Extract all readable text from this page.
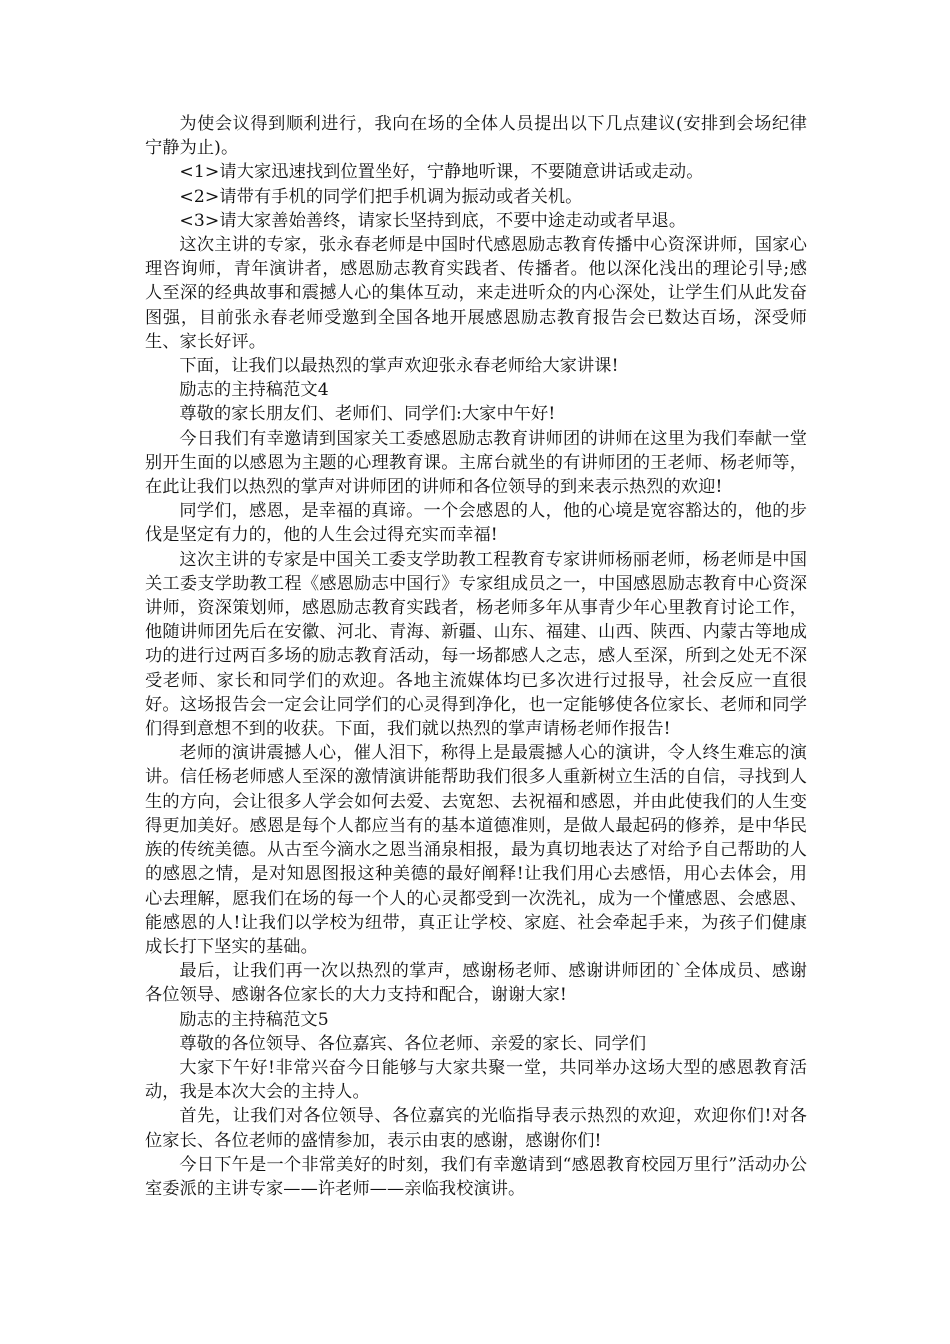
为使会议得到顺利进行，我向在场的全体人员提出以下几点建议(安排到会场纪律宁静为止)。

<1>请大家迅速找到位置坐好，宁静地听课，不要随意讲话或走动。

<2>请带有手机的同学们把手机调为振动或者关机。

<3>请大家善始善终，请家长坚持到底，不要中途走动或者早退。

这次主讲的专家，张永春老师是中国时代感恩励志教育传播中心资深讲师，国家心理咨询师，青年演讲者，感恩励志教育实践者、传播者。他以深化浅出的理论引导;感人至深的经典故事和震撼人心的集体互动，来走进听众的内心深处，让学生们从此发奋图强，目前张永春老师受邀到全国各地开展感恩励志教育报告会已数达百场，深受师生、家长好评。

下面，让我们以最热烈的掌声欢迎张永春老师给大家讲课!

励志的主持稿范文4

尊敬的家长朋友们、老师们、同学们:大家中午好!

今日我们有幸邀请到国家关工委感恩励志教育讲师团的讲师在这里为我们奉献一堂别开生面的以感恩为主题的心理教育课。主席台就坐的有讲师团的王老师、杨老师等，在此让我们以热烈的掌声对讲师团的讲师和各位领导的到来表示热烈的欢迎!

同学们，感恩，是幸福的真谛。一个会感恩的人，他的心境是宽容豁达的，他的步伐是坚定有力的，他的人生会过得充实而幸福!

这次主讲的专家是中国关工委支学助教工程教育专家讲师杨丽老师，杨老师是中国关工委支学助教工程《感恩励志中国行》专家组成员之一，中国感恩励志教育中心资深讲师，资深策划师，感恩励志教育实践者，杨老师多年从事青少年心里教育讨论工作，他随讲师团先后在安徽、河北、青海、新疆、山东、福建、山西、陕西、内蒙古等地成功的进行过两百多场的励志教育活动，每一场都感人之志，感人至深，所到之处无不深受老师、家长和同学们的欢迎。各地主流媒体均已多次进行过报导，社会反应一直很好。这场报告会一定会让同学们的心灵得到净化，也一定能够使各位家长、老师和同学们得到意想不到的收获。下面，我们就以热烈的掌声请杨老师作报告!

老师的演讲震撼人心，催人泪下，称得上是最震撼人心的演讲，令人终生难忘的演讲。信任杨老师感人至深的激情演讲能帮助我们很多人重新树立生活的自信，寻找到人生的方向，会让很多人学会如何去爱、去宽恕、去祝福和感恩，并由此使我们的人生变得更加美好。感恩是每个人都应当有的基本道德准则，是做人最起码的修养，是中华民族的传统美德。从古至今滴水之恩当涌泉相报，最为真切地表达了对给予自己帮助的人的感恩之情，是对知恩图报这种美德的最好阐释!让我们用心去感悟，用心去体会，用心去理解，愿我们在场的每一个人的心灵都受到一次洗礼，成为一个懂感恩、会感恩、能感恩的人!让我们以学校为纽带，真正让学校、家庭、社会牵起手来，为孩子们健康成长打下坚实的基础。

最后，让我们再一次以热烈的掌声，感谢杨老师、感谢讲师团的`全体成员、感谢各位领导、感谢各位家长的大力支持和配合，谢谢大家!

励志的主持稿范文5

尊敬的各位领导、各位嘉宾、各位老师、亲爱的家长、同学们

大家下午好!非常兴奋今日能够与大家共聚一堂，共同举办这场大型的感恩教育活动，我是本次大会的主持人。

首先，让我们对各位领导、各位嘉宾的光临指导表示热烈的欢迎，欢迎你们!对各位家长、各位老师的盛情参加，表示由衷的感谢，感谢你们!

今日下午是一个非常美好的时刻，我们有幸邀请到“感恩教育校园万里行”活动办公室委派的主讲专家——许老师——亲临我校演讲。
